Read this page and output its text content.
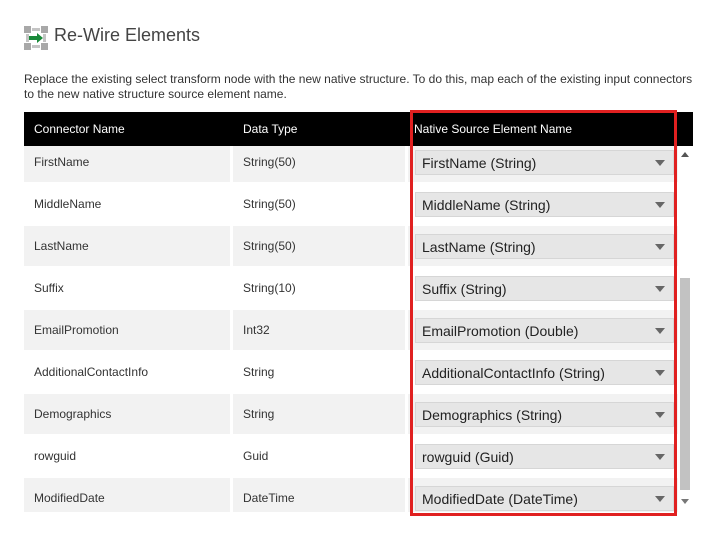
Re-Wire Elements
Replace the existing select transform node with the new native structure. To do this, map each of the existing input connectors to the new native structure source element name.
Connector Name	Data Type	Native Source Element Name
FirstName	String(50)	FirstName (String)
MiddleName	String(50)	MiddleName (String)
LastName	String(50)	LastName (String)
Suffix	String(10)	Suffix (String)
EmailPromotion	Int32	EmailPromotion (Double)
AdditionalContactInfo	String	AdditionalContactInfo (String)
Demographics	String	Demographics (String)
rowguid	Guid	rowguid (Guid)
ModifiedDate	DateTime	ModifiedDate (DateTime)
